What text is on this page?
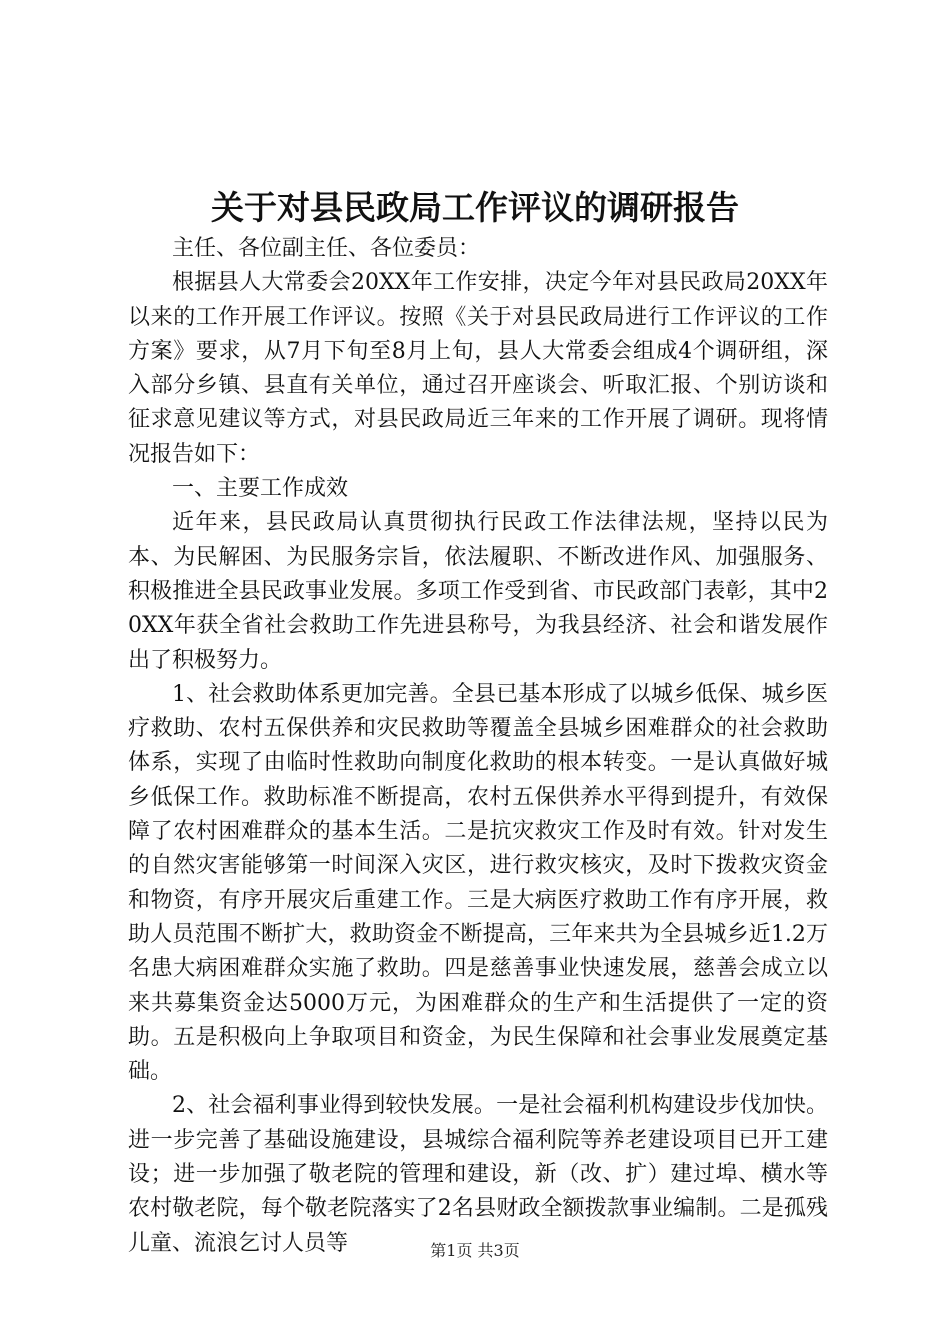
关于对县民政局工作评议的调研报告

主任、各位副主任、各位委员：

根据县人大常委会20XX年工作安排，决定今年对县民政局20XX年以来的工作开展工作评议。按照《关于对县民政局进行工作评议的工作方案》要求，从7月下旬至8月上旬，县人大常委会组成4个调研组，深入部分乡镇、县直有关单位，通过召开座谈会、听取汇报、个别访谈和征求意见建议等方式，对县民政局近三年来的工作开展了调研。现将情况报告如下：

一、主要工作成效

近年来，县民政局认真贯彻执行民政工作法律法规，坚持以民为本、为民解困、为民服务宗旨，依法履职、不断改进作风、加强服务、积极推进全县民政事业发展。多项工作受到省、市民政部门表彰，其中20XX年获全省社会救助工作先进县称号，为我县经济、社会和谐发展作出了积极努力。

1、社会救助体系更加完善。全县已基本形成了以城乡低保、城乡医疗救助、农村五保供养和灾民救助等覆盖全县城乡困难群众的社会救助体系，实现了由临时性救助向制度化救助的根本转变。一是认真做好城乡低保工作。救助标准不断提高，农村五保供养水平得到提升，有效保障了农村困难群众的基本生活。二是抗灾救灾工作及时有效。针对发生的自然灾害能够第一时间深入灾区，进行救灾核灾，及时下拨救灾资金和物资，有序开展灾后重建工作。三是大病医疗救助工作有序开展，救助人员范围不断扩大，救助资金不断提高，三年来共为全县城乡近1.2万名患大病困难群众实施了救助。四是慈善事业快速发展，慈善会成立以来共募集资金达5000万元，为困难群众的生产和生活提供了一定的资助。五是积极向上争取项目和资金，为民生保障和社会事业发展奠定基础。

2、社会福利事业得到较快发展。一是社会福利机构建设步伐加快。进一步完善了基础设施建设，县城综合福利院等养老建设项目已开工建设；进一步加强了敬老院的管理和建设，新（改、扩）建过埠、横水等农村敬老院，每个敬老院落实了2名县财政全额拨款事业编制。二是孤残儿童、流浪乞讨人员等	第1页 共3页
